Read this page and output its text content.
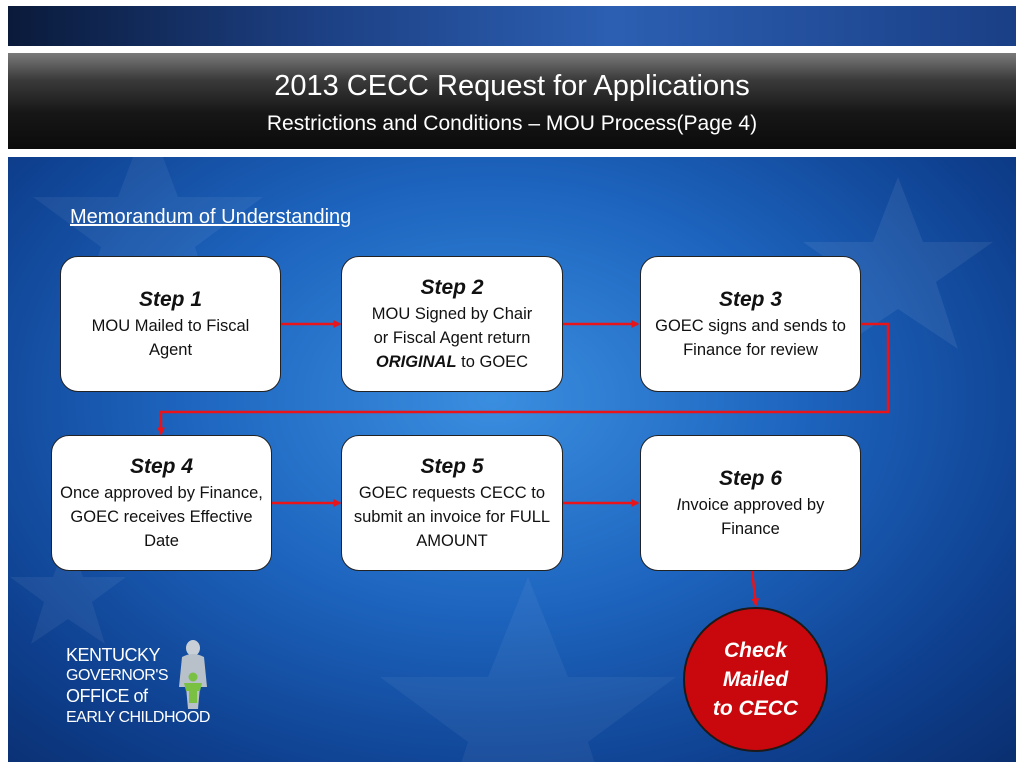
2013 CECC Request for Applications
Restrictions and Conditions – MOU Process(Page 4)
Memorandum of Understanding
Step 1
MOU Mailed to Fiscal Agent
Step 2
MOU Signed by Chair
or Fiscal Agent return
ORIGINAL to GOEC
Step 3
GOEC signs and sends to Finance for review
Step 4
Once approved by Finance, GOEC receives Effective Date
Step 5
GOEC requests CECC to submit an invoice for FULL AMOUNT
Step 6
Invoice approved by Finance
Check
Mailed
to CECC
KENTUCKY
GOVERNOR'S
OFFICE of
EARLY CHILDHOOD
